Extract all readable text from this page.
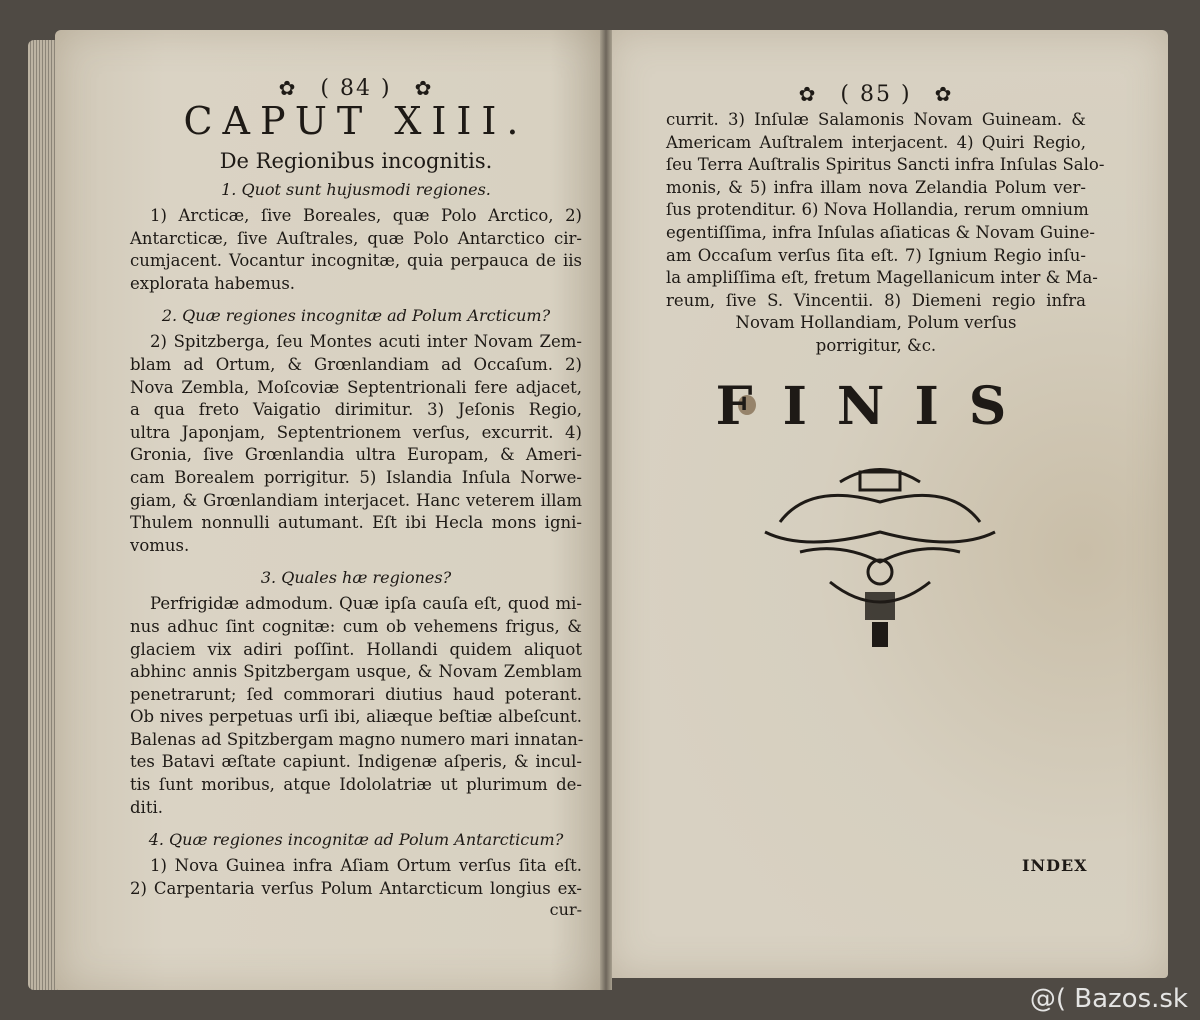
✿ ( 84 ) ✿
CAPUT XIII.
De Regionibus incognitis.
1. Quot sunt hujusmodi regiones.
1) Arcticæ, ſive Boreales, quæ Polo Arctico, 2)
Antarcticæ, ſive Auſtrales, quæ Polo Antarctico cir-
cumjacent. Vocantur incognitæ, quia perpauca de iis
explorata habemus.
2. Quæ regiones incognitæ ad Polum Arcticum?
2) Spitzberga, ſeu Montes acuti inter Novam Zem-
blam ad Ortum, & Grœnlandiam ad Occaſum. 2)
Nova Zembla, Moſcoviæ Septentrionali fere adjacet,
a qua freto Vaigatio dirimitur. 3) Jeſonis Regio,
ultra Japonjam, Septentrionem verſus, excurrit. 4)
Gronia, ſive Grœnlandia ultra Europam, & Ameri-
cam Borealem porrigitur. 5) Islandia Inſula Norwe-
giam, & Grœnlandiam interjacet. Hanc veterem illam
Thulem nonnulli autumant. Eſt ibi Hecla mons igni-
vomus.
3. Quales hæ regiones?
Perfrigidæ admodum. Quæ ipſa cauſa eſt, quod mi-
nus adhuc ſint cognitæ: cum ob vehemens frigus, &
glaciem vix adiri poſſint. Hollandi quidem aliquot
abhinc annis Spitzbergam usque, & Novam Zemblam
penetrarunt; ſed commorari diutius haud poterant.
Ob nives perpetuas urſi ibi, aliæque beſtiæ albeſcunt.
Balenas ad Spitzbergam magno numero mari innatan-
tes Batavi æſtate capiunt. Indigenæ aſperis, & incul-
tis ſunt moribus, atque Idololatriæ ut plurimum de-
diti.
4. Quæ regiones incognitæ ad Polum Antarcticum?
1) Nova Guinea infra Aſiam Ortum verſus ſita eſt.
2) Carpentaria verſus Polum Antarcticum longius ex-
cur-
✿ ( 85 ) ✿
currit. 3) Inſulæ Salamonis Novam Guineam. &
Americam Auſtralem interjacent. 4) Quiri Regio,
ſeu Terra Auſtralis Spiritus Sancti infra Inſulas Salo-
monis, & 5) infra illam nova Zelandia Polum ver-
ſus protenditur. 6) Nova Hollandia, rerum omnium
egentiſſima, infra Inſulas aſiaticas & Novam Guine-
am Occaſum verſus ſita eſt. 7) Ignium Regio inſu-
la ampliſſima eſt, fretum Magellanicum inter & Ma-
reum, ſive S. Vincentii. 8) Diemeni regio infra
Novam Hollandiam, Polum verſus
porrigitur, &c.
FINIS
INDEX
@( Bazos.sk
